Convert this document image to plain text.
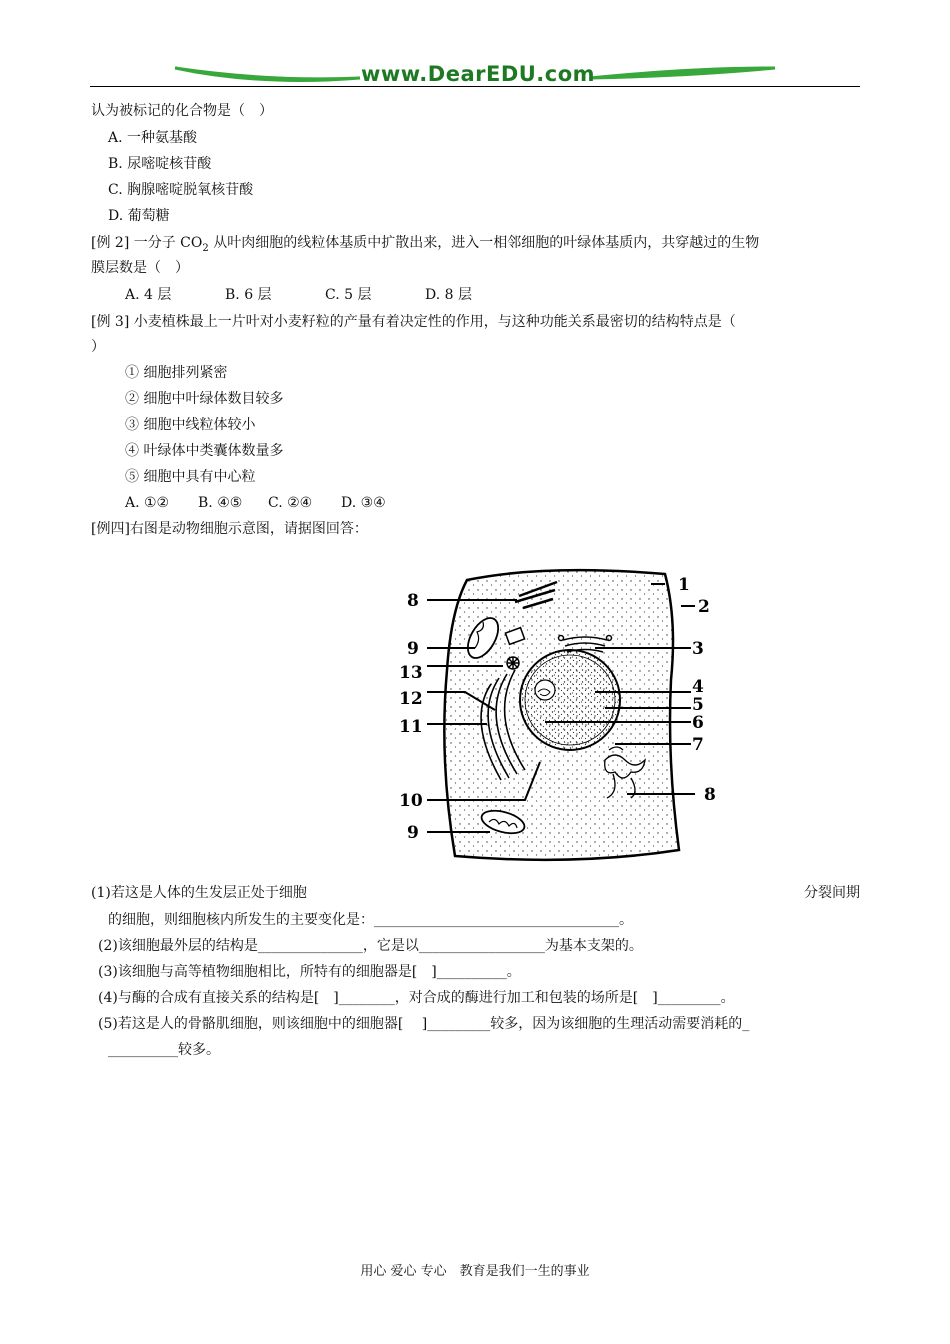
www.DearEDU.com
认为被标记的化合物是（　）
A. 一种氨基酸
B. 尿嘧啶核苷酸
C. 胸腺嘧啶脱氧核苷酸
D. 葡萄糖
[例 2] 一分子 $CO_2$ 从叶肉细胞的线粒体基质中扩散出来，进入一相邻细胞的叶绿体基质内，共穿越过的生物
膜层数是（　）
A. 4 层	B. 6 层	C. 5 层	D. 8 层
[例 3] 小麦植株最上一片叶对小麦籽粒的产量有着决定性的作用，与这种功能关系最密切的结构特点是（
）
① 细胞排列紧密
② 细胞中叶绿体数目较多
③ 细胞中线粒体较小
④ 叶绿体中类囊体数量多
⑤ 细胞中具有中心粒
A. ①② B. ④⑤ C. ②④ D. ③④
[例四]右图是动物细胞示意图，请据图回答：
8
9
13
12
11
10
9
1
2
3
4
5
6
7
8
(1)若这是人体的生发层正处于细胞	分裂间期
的细胞，则细胞核内所发生的主要变化是：___________________________________。
(2)该细胞最外层的结构是_______________，它是以__________________为基本支架的。
(3)该细胞与高等植物细胞相比，所特有的细胞器是[　]__________。
(4)与酶的合成有直接关系的结构是[　]________，对合成的酶进行加工和包装的场所是[　]_________。
(5)若这是人的骨骼肌细胞，则该细胞中的细胞器[　 ]_________较多，因为该细胞的生理活动需要消耗的_
__________较多。
用心 爱心 专心　教育是我们一生的事业
